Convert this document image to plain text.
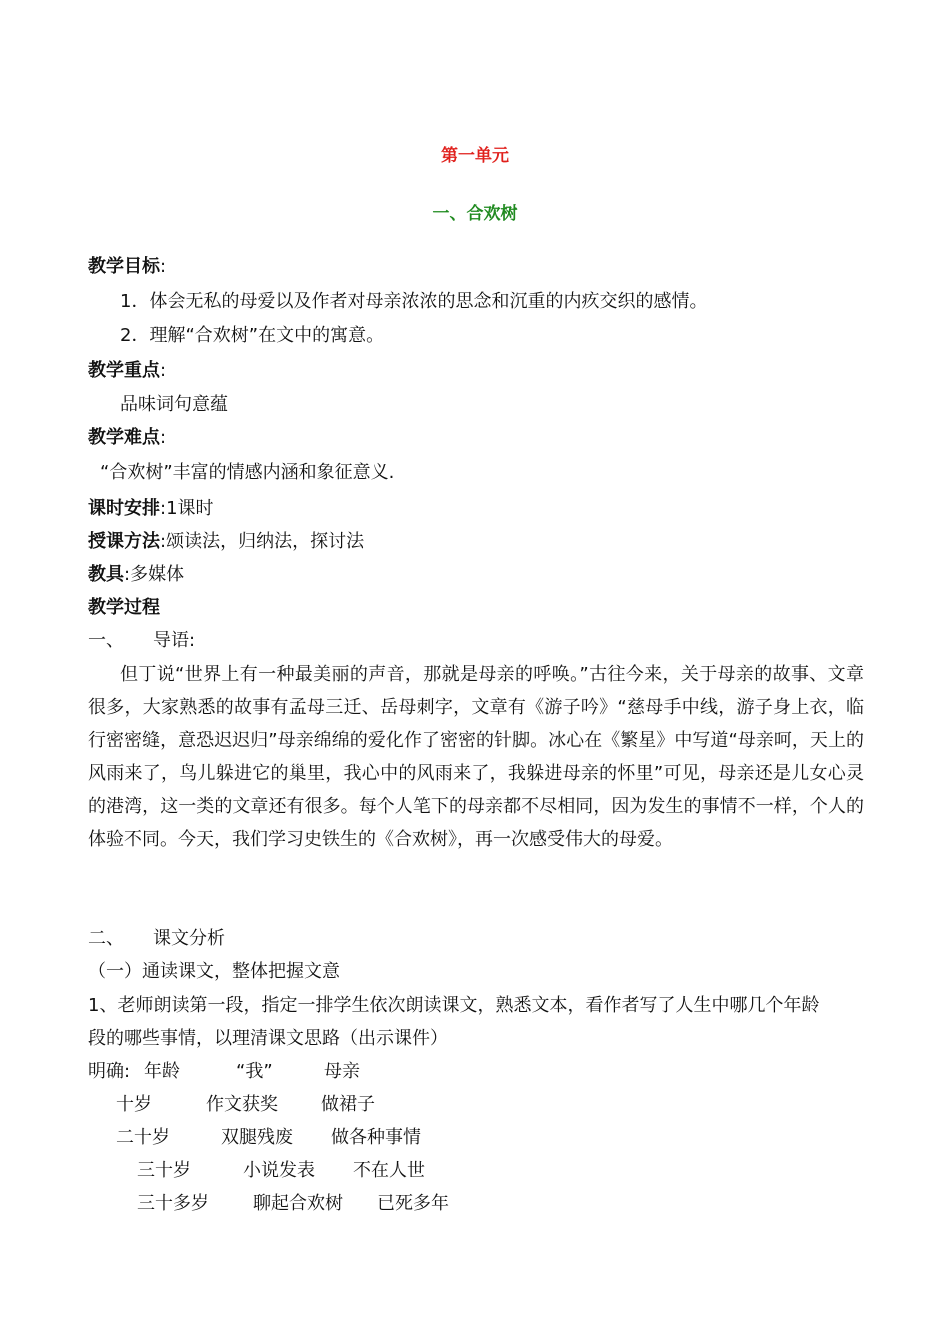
第一单元
一、合欢树
教学目标:
1．体会无私的母爱以及作者对母亲浓浓的思念和沉重的内疚交织的感情。
2．理解“合欢树”在文中的寓意。
教学重点:
品味词句意蕴
教学难点:
“合欢树”丰富的情感内涵和象征意义.
课时安排:1课时
授课方法:颂读法，归纳法，探讨法
教具:多媒体
教学过程
一、 导语:
但丁说“世界上有一种最美丽的声音，那就是母亲的呼唤。”古往今来，关于母亲的故事、文章很多，大家熟悉的故事有孟母三迁、岳母刺字，文章有《游子吟》“慈母手中线，游子身上衣，临行密密缝，意恐迟迟归”母亲绵绵的爱化作了密密的针脚。冰心在《繁星》中写道“母亲呵，天上的风雨来了，鸟儿躲进它的巢里，我心中的风雨来了，我躲进母亲的怀里”可见，母亲还是儿女心灵的港湾，这一类的文章还有很多。每个人笔下的母亲都不尽相同，因为发生的事情不一样，个人的体验不同。今天，我们学习史铁生的《合欢树》，再一次感受伟大的母爱。
二、 课文分析
（一）通读课文，整体把握文意
1、老师朗读第一段，指定一排学生依次朗读课文，熟悉文本，看作者写了人生中哪几个年龄
段的哪些事情，以理清课文思路（出示课件）
明确: 年龄	“我”	母亲
十岁	作文获奖 做裙子
二十岁	双腿残废 做各种事情
三十岁	小说发表 不在人世
三十多岁 聊起合欢树 已死多年
